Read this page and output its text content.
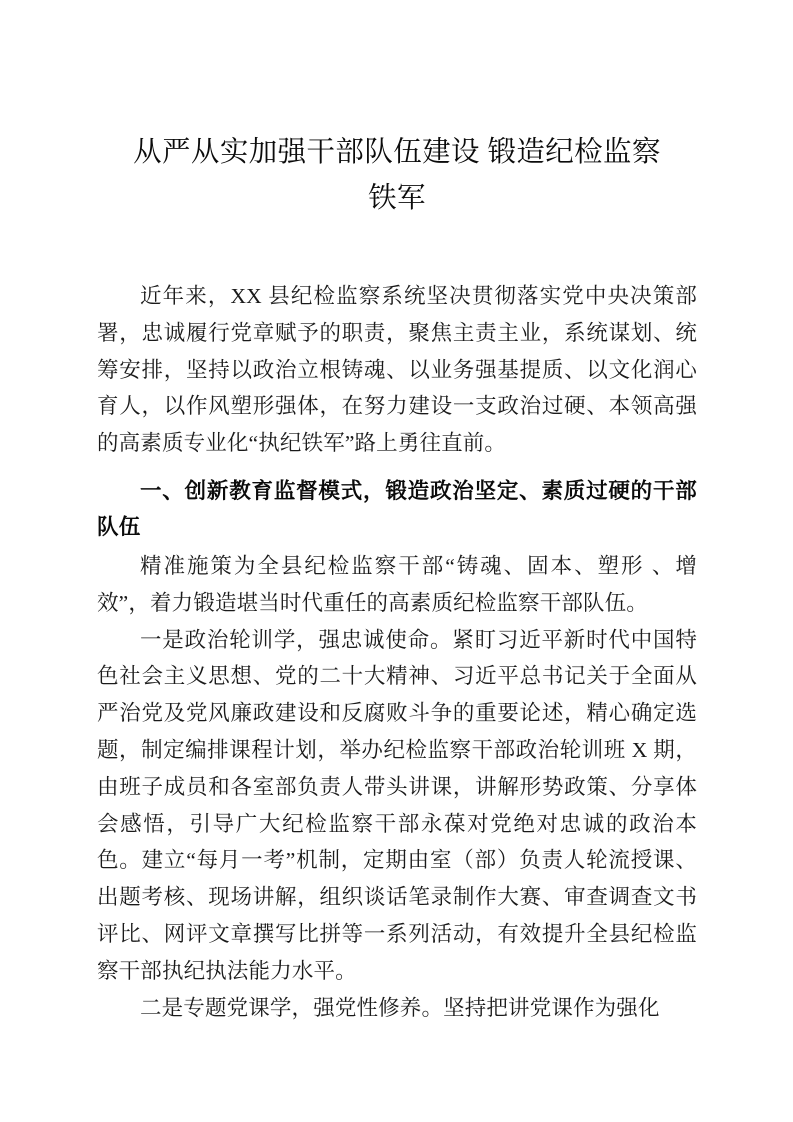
从严从实加强干部队伍建设 锻造纪检监察
铁军

近年来，XX 县纪检监察系统坚决贯彻落实党中央决策部署，忠诚履行党章赋予的职责，聚焦主责主业，系统谋划、统筹安排，坚持以政治立根铸魂、以业务强基提质、以文化润心育人，以作风塑形强体，在努力建设一支政治过硬、本领高强的高素质专业化“执纪铁军”路上勇往直前。

一、创新教育监督模式，锻造政治坚定、素质过硬的干部队伍

精准施策为全县纪检监察干部“铸魂、固本、塑形 、增效”，着力锻造堪当时代重任的高素质纪检监察干部队伍。

一是政治轮训学，强忠诚使命。紧盯习近平新时代中国特色社会主义思想、党的二十大精神、习近平总书记关于全面从严治党及党风廉政建设和反腐败斗争的重要论述，精心确定选题，制定编排课程计划，举办纪检监察干部政治轮训班 X 期，由班子成员和各室部负责人带头讲课，讲解形势政策、分享体会感悟，引导广大纪检监察干部永葆对党绝对忠诚的政治本色。建立“每月一考”机制，定期由室（部）负责人轮流授课、出题考核、现场讲解，组织谈话笔录制作大赛、审查调查文书评比、网评文章撰写比拼等一系列活动，有效提升全县纪检监察干部执纪执法能力水平。

二是专题党课学，强党性修养。坚持把讲党课作为强化
